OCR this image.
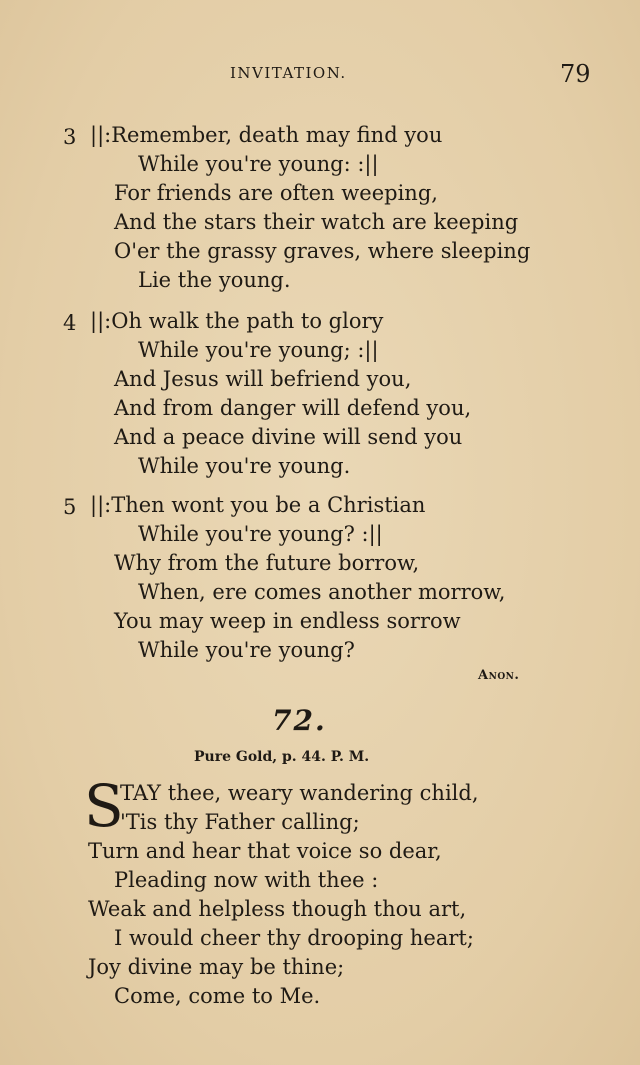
INVITATION.	79
3 ||:Remember, death may find you
While you're young: :||
For friends are often weeping,
And the stars their watch are keeping
O'er the grassy graves, where sleeping
Lie the young.
4 ||:Oh walk the path to glory
While you're young; :||
And Jesus will befriend you,
And from danger will defend you,
And a peace divine will send you
While you're young.
5 ||:Then wont you be a Christian
While you're young? :||
Why from the future borrow,
When, ere comes another morrow,
You may weep in endless sorrow
While you're young?
Anon.
72.
Pure Gold, p. 44. P. M.
S
TAY thee, weary wandering child,
'Tis thy Father calling;
Turn and hear that voice so dear,
Pleading now with thee :
Weak and helpless though thou art,
I would cheer thy drooping heart;
Joy divine may be thine;
Come, come to Me.
